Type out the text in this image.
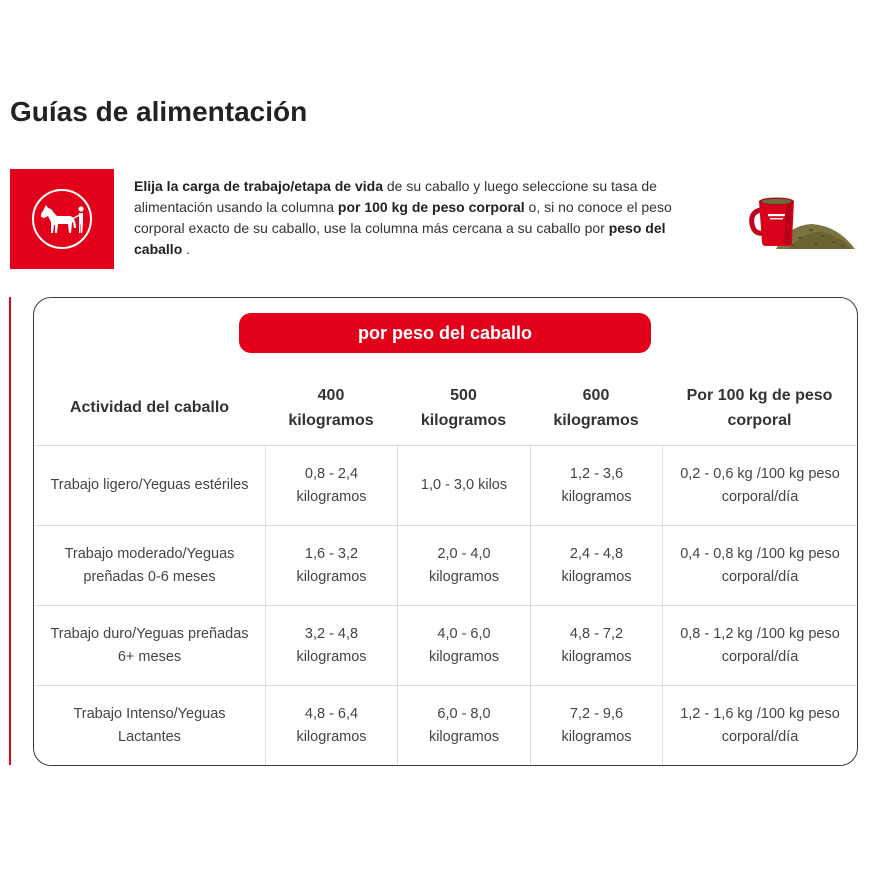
Guías de alimentación

Elija la carga de trabajo/etapa de vida de su caballo y luego seleccione su tasa de alimentación usando la columna por 100 kg de peso corporal o, si no conoce el peso corporal exacto de su caballo, use la columna más cercana a su caballo por peso del caballo .

por peso del caballo
Actividad del caballo	400 kilogramos	500 kilogramos	600 kilogramos	Por 100 kg de peso corporal
Trabajo ligero/Yeguas estériles	0,8 - 2,4 kilogramos	1,0 - 3,0 kilos	1,2 - 3,6 kilogramos	0,2 - 0,6 kg /100 kg peso corporal/día
Trabajo moderado/Yeguas preñadas 0-6 meses	1,6 - 3,2 kilogramos	2,0 - 4,0 kilogramos	2,4 - 4,8 kilogramos	0,4 - 0,8 kg /100 kg peso corporal/día
Trabajo duro/Yeguas preñadas 6+ meses	3,2 - 4,8 kilogramos	4,0 - 6,0 kilogramos	4,8 - 7,2 kilogramos	0,8 - 1,2 kg /100 kg peso corporal/día
Trabajo Intenso/Yeguas Lactantes	4,8 - 6,4 kilogramos	6,0 - 8,0 kilogramos	7,2 - 9,6 kilogramos	1,2 - 1,6 kg /100 kg peso corporal/día
